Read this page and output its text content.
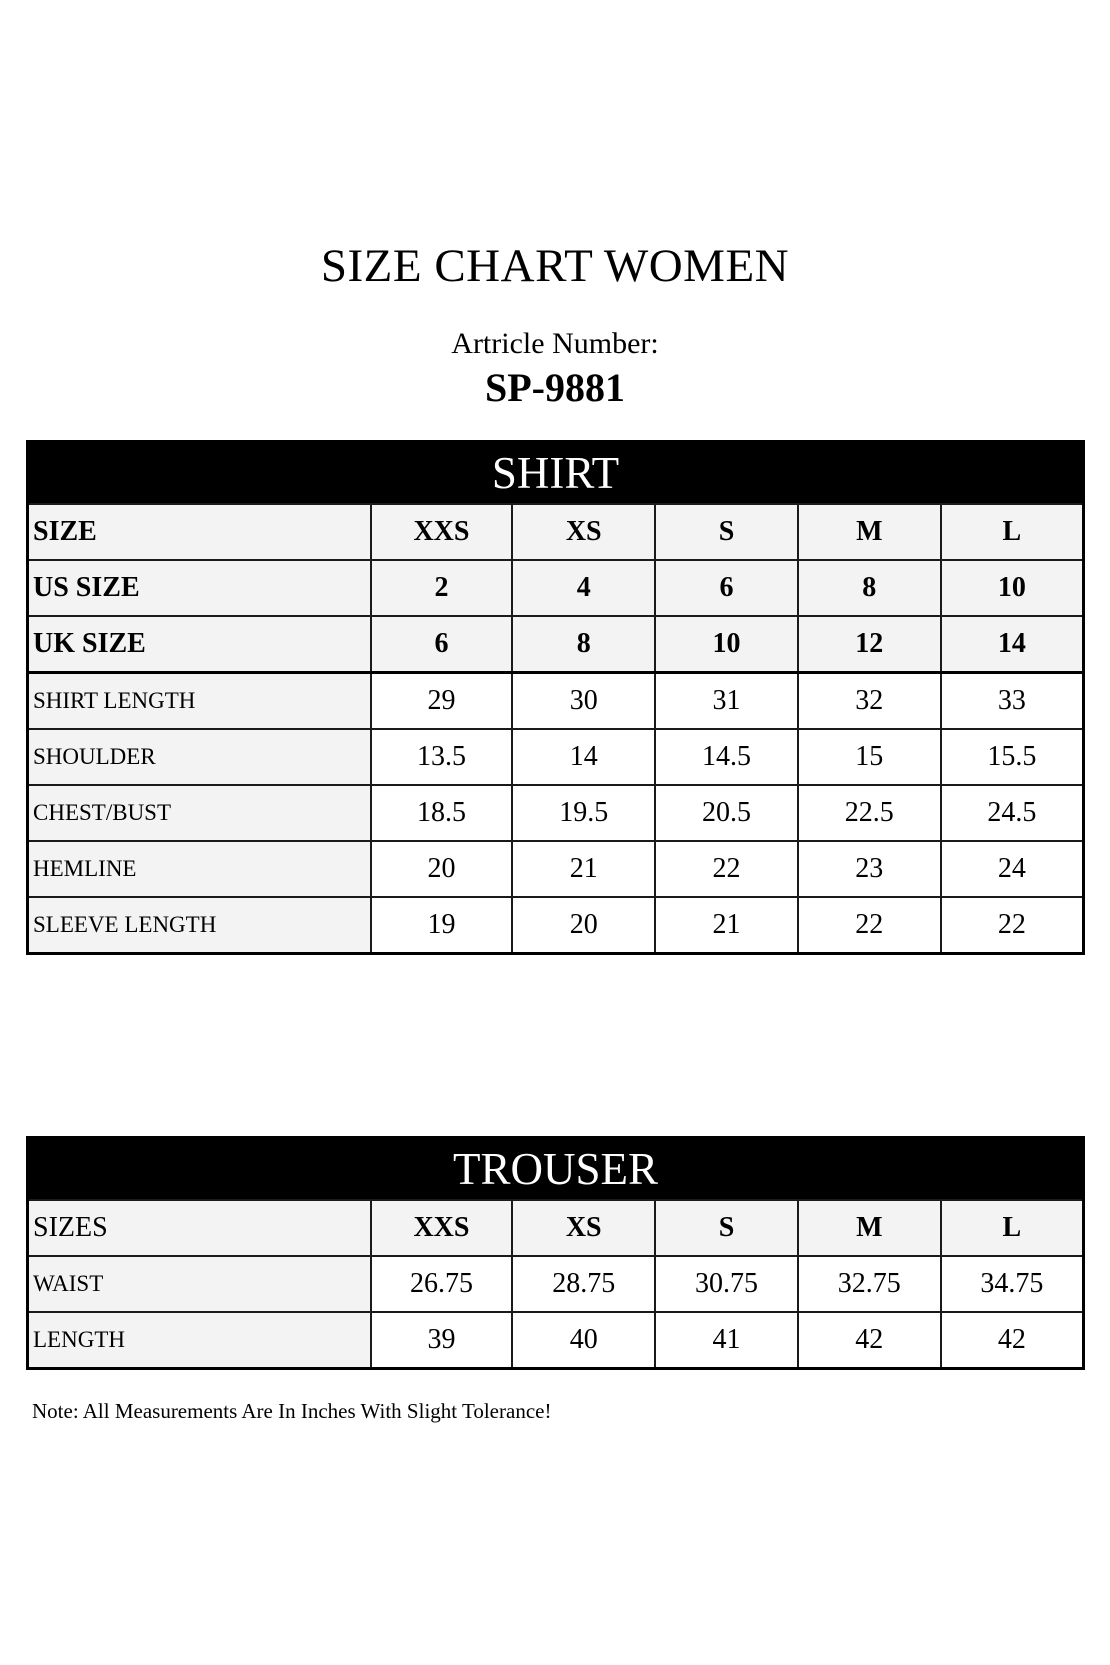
SIZE CHART WOMEN
Artricle Number:
SP-9881
SHIRT					
SIZE	XXS	XS	S	M	L
US SIZE	2	4	6	8	10
UK SIZE	6	8	10	12	14
SHIRT LENGTH	29	30	31	32	33
SHOULDER	13.5	14	14.5	15	15.5
CHEST/BUST	18.5	19.5	20.5	22.5	24.5
HEMLINE	20	21	22	23	24
SLEEVE LENGTH	19	20	21	22	22
TROUSER					
SIZES	XXS	XS	S	M	L
WAIST	26.75	28.75	30.75	32.75	34.75
LENGTH	39	40	41	42	42
Note: All Measurements Are In Inches With Slight Tolerance!
